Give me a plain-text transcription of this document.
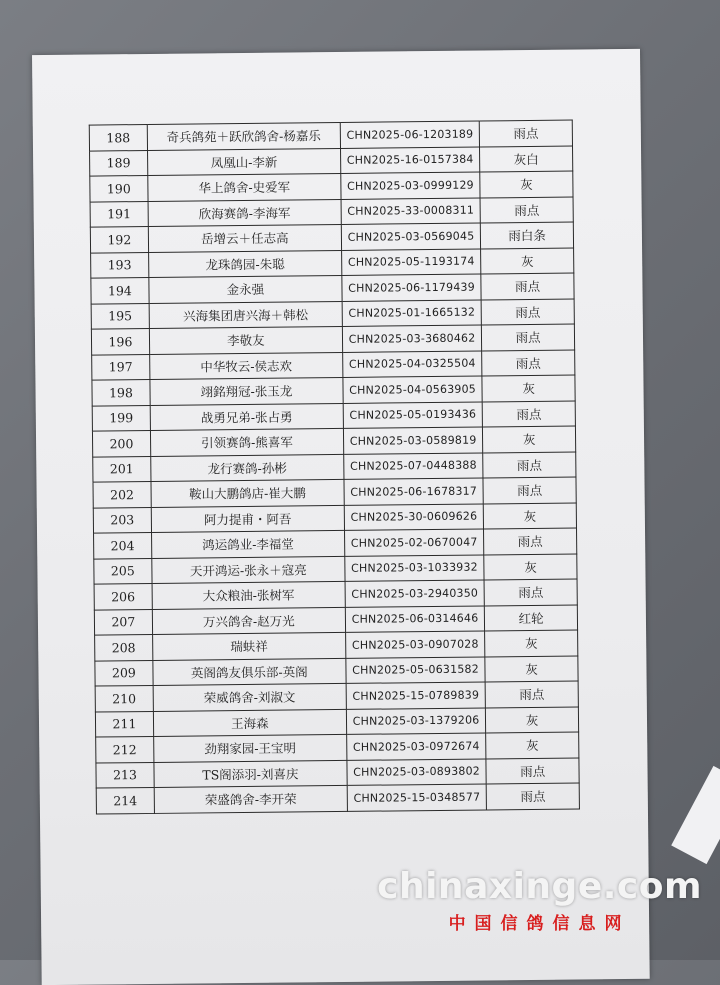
188	奇兵鸽苑＋跃欣鸽舍-杨嘉乐	CHN2025-06-1203189	雨点
189	凤凰山-李新	CHN2025-16-0157384	灰白
190	华上鸽舍-史爱军	CHN2025-03-0999129	灰
191	欣海赛鸽-李海军	CHN2025-33-0008311	雨点
192	岳增云＋任志高	CHN2025-03-0569045	雨白条
193	龙珠鸽园-朱聪	CHN2025-05-1193174	灰
194	金永强	CHN2025-06-1179439	雨点
195	兴海集团唐兴海＋韩松	CHN2025-01-1665132	雨点
196	李敬友	CHN2025-03-3680462	雨点
197	中华牧云-侯志欢	CHN2025-04-0325504	雨点
198	翊銘翔冠-张玉龙	CHN2025-04-0563905	灰
199	战勇兄弟-张占勇	CHN2025-05-0193436	雨点
200	引领赛鸽-熊喜军	CHN2025-03-0589819	灰
201	龙行赛鸽-孙彬	CHN2025-07-0448388	雨点
202	鞍山大鹏鸽店-崔大鹏	CHN2025-06-1678317	雨点
203	阿力提甫・阿吾	CHN2025-30-0609626	灰
204	鸿运鸽业-李福堂	CHN2025-02-0670047	雨点
205	天开鸿运-张永＋寇亮	CHN2025-03-1033932	灰
206	大众粮油-张树军	CHN2025-03-2940350	雨点
207	万兴鸽舍-赵万光	CHN2025-06-0314646	红轮
208	瑞蚨祥	CHN2025-03-0907028	灰
209	英阁鸽友俱乐部-英阁	CHN2025-05-0631582	灰
210	荣威鸽舍-刘淑文	CHN2025-15-0789839	雨点
211	王海森	CHN2025-03-1379206	灰
212	劲翔家园-王宝明	CHN2025-03-0972674	灰
213	TS阁添羽-刘喜庆	CHN2025-03-0893802	雨点
214	荣盛鸽舍-李开荣	CHN2025-15-0348577	雨点
chinaxinge.com
中国信鸽信息网
